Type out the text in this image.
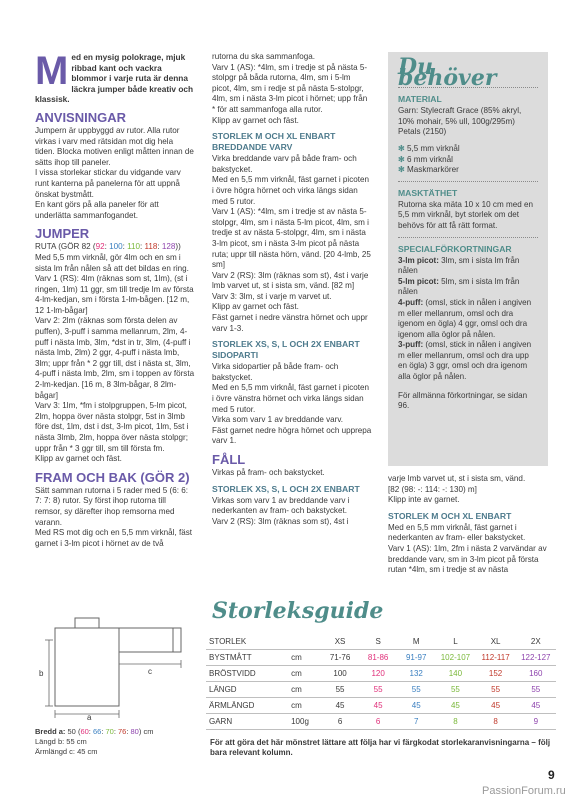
M ed en mysig polokrage, mjuk ribbad kant och vackra blommor i varje ruta är denna läckra jumper både kreativ och klassisk.
ANVISNINGAR

Jumpern är uppbyggd av rutor. Alla rutor virkas i varv med rätsidan mot dig hela tiden. Blocka motiven enligt måtten innan de sätts ihop till paneler.

I vissa storlekar stickar du vidgande varv runt kanterna på panelerna för att uppnå önskat bystmått.

En kant görs på alla paneler för att underlätta sammanfogandet.

JUMPER

RUTA (GÖR 82 (92: 100: 110: 118: 128))

Med 5,5 mm virknål, gör 4lm och en sm i sista lm från nålen så att det bildas en ring.

Varv 1 (RS): 4lm (räknas som st, 1lm), (st i ringen, 1lm) 11 ggr, sm till tredje lm av första 4-lm-kedjan, sm i första 1-lm-bågen. [12 m, 12 1-lm-bågar]

Varv 2: 2lm (räknas som första delen av puffen), 3-puff i samma mellanrum, 2lm, 4-puff i nästa lmb, 3lm, *dst in tr, 3lm, (4-puff i nästa lmb, 2lm) 2 ggr, 4-puff i nästa lmb, 3lm; uppr från * 2 ggr till, dst i nästa st, 3lm, 4-puff i nästa lmb, 2lm, sm i toppen av första 2-lm-kedjan. [16 m, 8 3lm-bågar, 8 2lm-bågar]

Varv 3: 1lm, *fm i stolpgruppen, 5-lm picot, 2lm, hoppa över nästa stolpgr, 5st in 3lmb före dst, 1lm, dst i dst, 3-lm picot, 1lm, 5st i nästa 3lmb, 2lm, hoppa över nästa stolpgr; uppr från * 3 ggr till, sm till första fm.

Klipp av garnet och fäst.

FRAM OCH BAK (GÖR 2)

Sätt samman rutorna i 5 rader med 5 (6: 6: 7: 7: 8) rutor. Sy först ihop rutorna till remsor, sy därefter ihop remsorna med varann.

Med RS mot dig och en 5,5 mm virknål, fäst garnet i 3-lm picot i hörnet av de två

rutorna du ska sammanfoga.

Varv 1 (AS): *4lm, sm i tredje st på nästa 5-stolpgr på båda rutorna, 4lm, sm i 5-lm picot, 4lm, sm i redje st på nästa 5-stolpgr, 4lm, sm i nästa 3-lm picot i hörnet; upp från * för att sammanfoga alla rutor.

Klipp av garnet och fäst.

STORLEK M OCH XL ENBART BREDDANDE VARV

Virka breddande varv på både fram- och bakstycket.

Med en 5,5 mm virknål, fäst garnet i picoten i övre högra hörnet och virka längs sidan med 5 rutor.

Varv 1 (AS): *4lm, sm i tredje st av nästa 5-stolpgr, 4lm, sm i nästa 5-lm picot, 4lm, sm i tredje st av nästa 5-stolpgr, 4lm, sm i nästa 3-lm picot, sm i nästa 3-lm picot på nästa ruta; uppr till nästa hörn, vänd. [20 4-lmb, 25 sm]

Varv 2 (RS): 3lm (räknas som st), 4st i varje lmb varvet ut, st i sista sm, vänd. [82 m]

Varv 3: 3lm, st i varje m varvet ut.

Klipp av garnet och fäst.

Fäst garnet i nedre vänstra hörnet och uppr varv 1-3.

STORLEK XS, S, L OCH 2X ENBART SIDOPARTI

Virka sidopartier på både fram- och bakstycket.

Med en 5,5 mm virknål, fäst garnet i picoten i övre vänstra hörnet och virka längs sidan med 5 rutor.

Virka som varv 1 av breddande varv.

Fäst garnet nedre högra hörnet och upprepa varv 1.

FÅLL

Virkas på fram- och bakstycket.

STORLEK XS, S, L OCH 2X ENBART

Virkas som varv 1 av breddande varv i nederkanten av fram- och bakstycket.

Varv 2 (RS): 3lm (räknas som st), 4st i

Du behöver
MATERIAL

Garn: Stylecraft Grace (85% akryl, 10% mohair, 5% ull, 100g/295m) Petals (2150)

✻ 5,5 mm virknål

✻ 6 mm virknål

✻ Maskmarkörer

MASKTÄTHET

Rutorna ska mäta 10 x 10 cm med en 5,5 mm virknål, byt storlek om det behövs för att få rätt format.

SPECIALFÖRKORTNINGAR

3-lm picot: 3lm, sm i sista lm från nålen

5-lm picot: 5lm, sm i sista lm från nålen

4-puff: (omsl, stick in nålen i angiven m eller mellanrum, omsl och dra igenom en ögla) 4 ggr, omsl och dra igenom alla öglor på nålen.

3-puff: (omsl, stick in nålen i angiven m eller mellanrum, omsl och dra upp en ögla) 3 ggr, omsl och dra igenom alla öglor på nålen.

För allmänna förkortningar, se sidan 96.

varje lmb varvet ut, st i sista sm, vänd.

[82 (98: -: 114: -: 130) m]

Klipp inte av garnet.

STORLEK M OCH XL ENBART

Med en 5,5 mm virknål, fäst garnet i nederkanten av fram- eller bakstycket.

Varv 1 (AS): 1lm, 2fm i nästa 2 varvändar av breddande varv, sm in 3-lm picot på första rutan *4lm, sm i tredje st av nästa

Storleksguide
STORLEK		XS	S	M	L	XL	2X
BYSTMÅTT	cm	71-76	81-86	91-97	102-107	112-117	122-127
BRÖSTVIDD	cm	100	120	132	140	152	160
LÄNGD	cm	55	55	55	55	55	55
ÄRMLÄNGD	cm	45	45	45	45	45	45
GARN	100g	6	6	7	8	8	9
För att göra det här mönstret lättare att följa har vi färgkodat storlekaranvisningarna – följ bara relevant kolumn.
a
b	c

Bredd a: 50 (60: 66: 70: 76: 80) cm

Längd b: 55 cm

Ärmlängd c: 45 cm

9
PassionForum.ru
